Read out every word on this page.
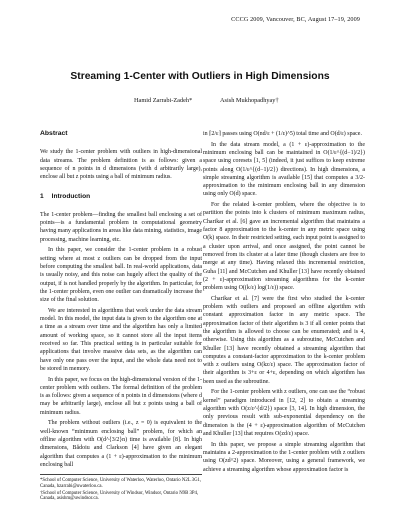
CCCG 2009, Vancouver, BC, August 17–19, 2009
Streaming 1-Center with Outliers in High Dimensions
Hamid Zarrabi-Zadeh*	Asish Mukhopadhyay†
Abstract

We study the 1-center problem with outliers in high-dimensional data streams. The problem definition is as follows: given a sequence of n points in d dimensions (with d arbitrarily large), enclose all but z points using a ball of minimum radius.

1 Introduction

The 1-center problem—finding the smallest ball enclosing a set of points—is a fundamental problem in computational geometry having many applications in areas like data mining, statistics, image processing, machine learning, etc.

In this paper, we consider the 1-center problem in a robust setting where at most z outliers can be dropped from the input before computing the smallest ball. In real-world applications, data is usually noisy, and this noise can hugely affect the quality of the output, if is not handled properly by the algorithm. In particular, for the 1-center problem, even one outlier can dramatically increase the size of the final solution.

We are interested in algorithms that work under the data stream model. In this model, the input data is given to the algorithm one at a time as a stream over time and the algorithm has only a limited amount of working space, so it cannot store all the input items received so far. This practical setting is in particular suitable for applications that involve massive data sets, as the algorithm can have only one pass over the input, and the whole data need not to be stored in memory.

In this paper, we focus on the high-dimensional version of the 1-center problem with outliers. The formal definition of the problem is as follows: given a sequence of n points in d dimensions (where d may be arbitrarily large), enclose all but z points using a ball of minimum radius.

The problem without outliers (i.e., z = 0) is equivalent to the well-known “minimum enclosing ball” problem, for which an offline algorithm with O(d^{3/2}n) time is available [8]. In high dimensions, Bădoiu and Clarkson [4] have given an elegant algorithm that computes a (1 + ε)-approximation to the minimum enclosing ball

*School of Computer Science, University of Waterloo, Waterloo, Ontario N2L 3G1, Canada, hzarrabi@uwaterloo.ca.
†School of Computer Science, University of Windsor, Windsor, Ontario N9B 3P4, Canada, asishm@uwindsor.ca.

in ⌈2/ε⌉ passes using O(nd/ε + (1/ε)^5) total time and O(d/ε) space.

In the data stream model, a (1 + ε)-approximation to the minimum enclosing ball can be maintained in O(1/ε^{(d−1)/2}) space using coresets [1, 5] (indeed, it just suffices to keep extreme points along O(1/ε^{(d−1)/2}) directions). In high dimensions, a simple streaming algorithm is available [15] that computes a 3/2-approximation to the minimum enclosing ball in any dimension using only O(d) space.

For the related k-center problem, where the objective is to partition the points into k clusters of minimum maximum radius, Charikar et al. [6] gave an incremental algorithm that maintains a factor 8 approximation to the k-center in any metric space using O(k) space. In their restricted setting, each input point is assigned to a cluster upon arrival, and once assigned, the point cannot be removed from its cluster at a later time (though clusters are free to merge at any time). Having relaxed this incremental restriction, Guha [11] and McCutchen and Khuller [13] have recently obtained (2 + ε)-approximation streaming algorithms for the k-center problem using O((k/ε) log(1/ε)) space.

Charikar et al. [7] were the first who studied the k-center problem with outliers and proposed an offline algorithm with constant approximation factor in any metric space. The approximation factor of their algorithm is 3 if all center points that the algorithm is allowed to choose can be enumerated; and is 4, otherwise. Using this algorithm as a subroutine, McCutchen and Khuller [13] have recently obtained a streaming algorithm that computes a constant-factor approximation to the k-center problem with z outliers using O(kz/ε) space. The approximation factor of their algorithm is 3+ε or 4+ε, depending on which algorithm has been used as the subroutine.

For the 1-center problem with z outliers, one can use the “robust kernel” paradigm introduced in [12, 2] to obtain a streaming algorithm with O(z/ε^{d/2}) space [3, 14]. In high dimension, the only previous result with sub-exponential dependency on the dimension is the (4 + ε)-approximation algorithm of McCutchen and Khuller [13] that requires O(zd/ε) space.

In this paper, we propose a simple streaming algorithm that maintains a 2-approximation to the 1-center problem with z outliers using O(zd^2) space. Moreover, using a general framework, we achieve a streaming algorithm whose approximation factor is
